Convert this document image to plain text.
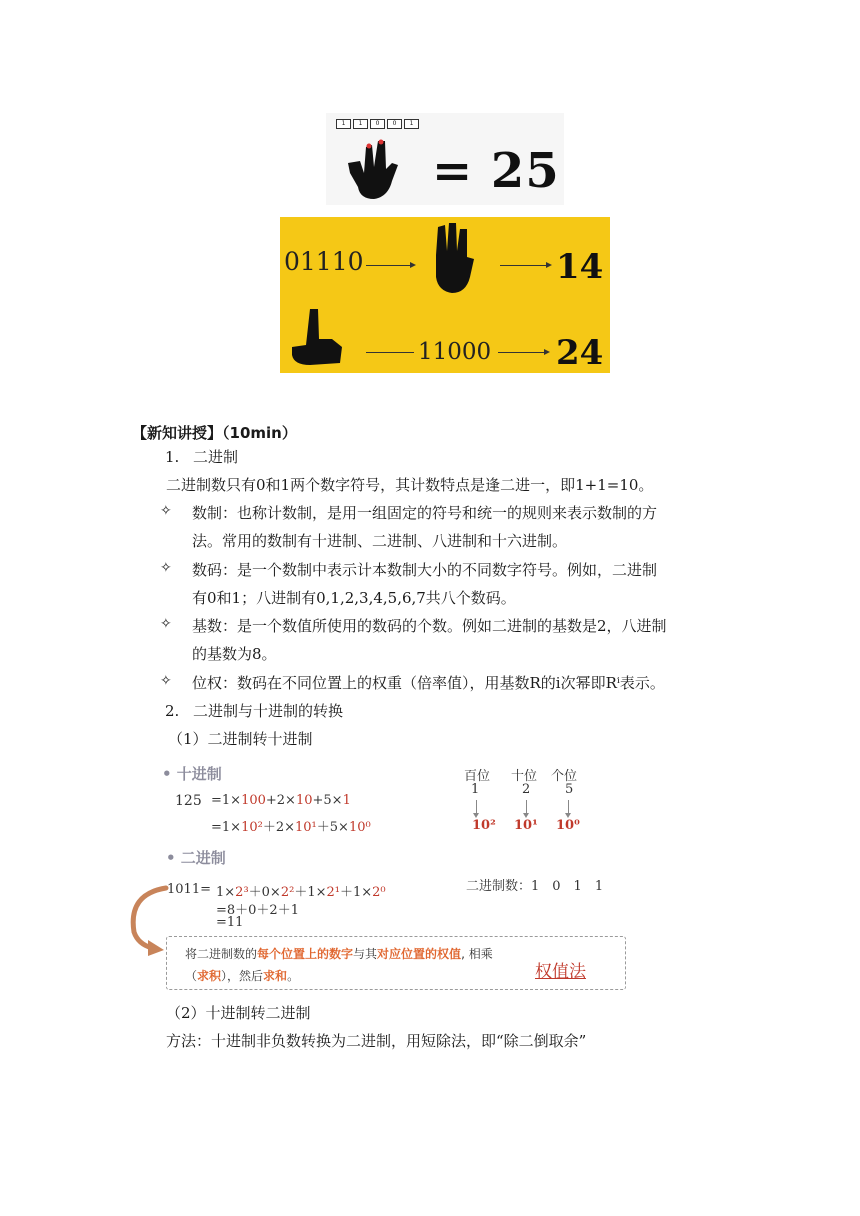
1	1	0	0	1
= 25
01110	14
11000 24
【新知讲授】（10min）
1. 二进制
二进制数只有0和1两个数字符号，其计数特点是逢二进一，即1+1=10。
✧ 数制：也称计数制，是用一组固定的符号和统一的规则来表示数制的方
法。常用的数制有十进制、二进制、八进制和十六进制。
✧ 数码：是一个数制中表示计本数制大小的不同数字符号。例如，二进制
有0和1；八进制有0,1,2,3,4,5,6,7共八个数码。
✧ 基数：是一个数值所使用的数码的个数。例如二进制的基数是2，八进制
的基数为8。
✧ 位权：数码在不同位置上的权重（倍率值），用基数R的i次幂即Rⁱ表示。
2. 二进制与十进制的转换
（1）二进制转十进制
• 十进制
125 =1×100+2×10+5×1
=1×10²＋2×10¹＋5×10⁰
百位 十位 个位
1	2	5
10² 10¹ 10⁰
• 二进制
1011= 1×2³＋0×2²＋1×2¹＋1×2⁰
=8＋0＋2＋1
=11
二进制数：1　0　1　1
将二进制数的每个位置上的数字与其对应位置的权值, 相乘
（求积），然后求和。	权值法
（2）十进制转二进制
方法：十进制非负数转换为二进制，用短除法，即“除二倒取余”
